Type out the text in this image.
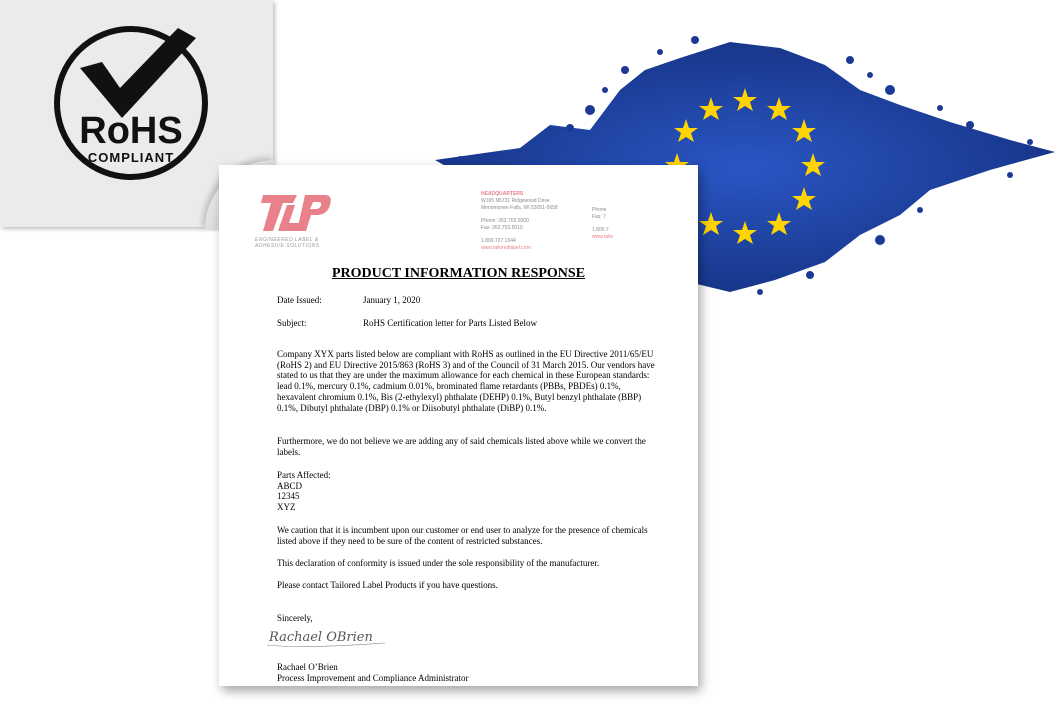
RoHS
COMPLIANT
ENGINEERED LABEL & ADHESIVE SOLUTIONS
HEADQUARTERS
W165 N5731 Ridgewood Drive
Menomonee Falls, WI 53051-5658
Phone: 262.703.5000
Fax: 262.703.5010
1.800.727.1344
www.tailoredlabel.com
Phone
Fax: 7
1.800.7
www.tailo
PRODUCT INFORMATION RESPONSE
Date Issued:	January 1, 2020
Subject:	RoHS Certification letter for Parts Listed Below
Company XYX parts listed below are compliant with RoHS as outlined in the EU Directive 2011/65/EU (RoHS 2) and EU Directive 2015/863 (RoHS 3) and of the Council of 31 March 2015. Our vendors have stated to us that they are under the maximum allowance for each chemical in these European standards: lead 0.1%, mercury 0.1%, cadmium 0.01%, brominated flame retardants (PBBs, PBDEs) 0.1%, hexavalent chromium 0.1%, Bis (2-ethylexyl) phthalate (DEHP) 0.1%, Butyl benzyl phthalate (BBP) 0.1%, Dibutyl phthalate (DBP) 0.1% or Diisobutyl phthalate (DiBP) 0.1%.
Furthermore, we do not believe we are adding any of said chemicals listed above while we convert the labels.
Parts Affected:
ABCD
12345
XYZ
We caution that it is incumbent upon our customer or end user to analyze for the presence of chemicals listed above if they need to be sure of the content of restricted substances.
This declaration of conformity is issued under the sole responsibility of the manufacturer.
Please contact Tailored Label Products if you have questions.
Sincerely,
Rachael OBrien
Rachael O’Brien
Process Improvement and Compliance Administrator
